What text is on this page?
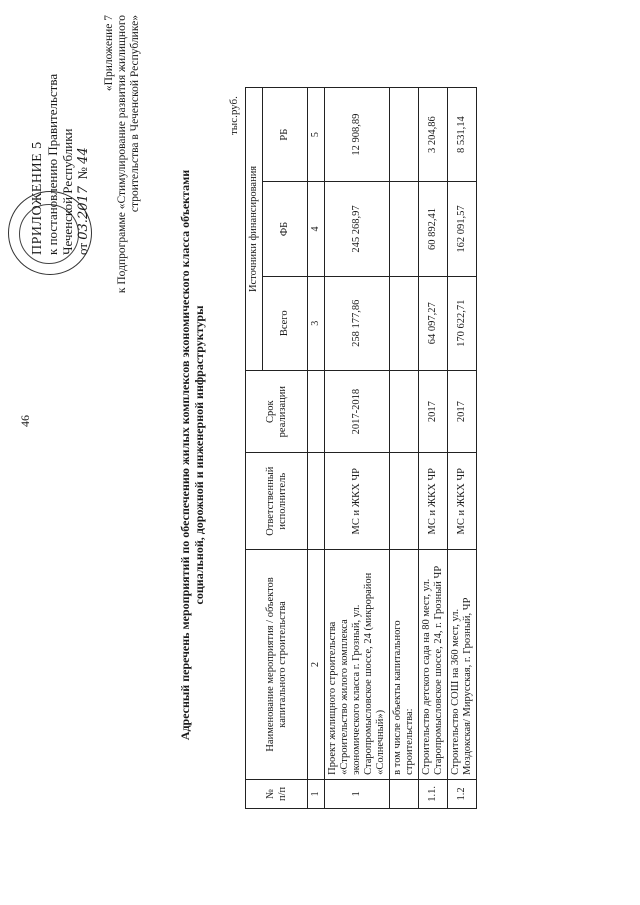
46
ПРИЛОЖЕНИЕ 5 к постановлению Правительства Чеченской Республики от 03.2017  № 44
«Приложение 7 к Подпрограмме «Стимулирование развития жилищного строительства в Чеченской Республике»
Адресный перечень мероприятий по обеспечению жилых комплексов экономического класса объектами социальной, дорожной и инженерной инфраструктуры
тыс.руб.
№ п/п	Наименование мероприятия / объектов капитального строительства	Ответственный исполнитель	Срок реализации	Источники финансирования		
				Всего	ФБ	РБ
1	2			3	4	5
1	Проект жилищного строительства «Строительство жилого комплекса экономического класса г. Грозный, ул. Старопромысловское шоссе, 24 (микрорайон «Солнечный»)	МС и ЖКХ ЧР	2017-2018	258 177,86	245 268,97	12 908,89
	в том числе объекты капитального строительства:					
1.1.	Строительство детского сада на 80 мест, ул. Старопромысловское шоссе, 24, г. Грозный ЧР	МС и ЖКХ ЧР	2017	64 097,27	60 892,41	3 204,86
1.2	Строительство СОШ на 360 мест, ул. Моздокская/ Мирусская, г. Грозный, ЧР	МС и ЖКХ ЧР	2017	170 622,71	162 091,57	8 531,14
